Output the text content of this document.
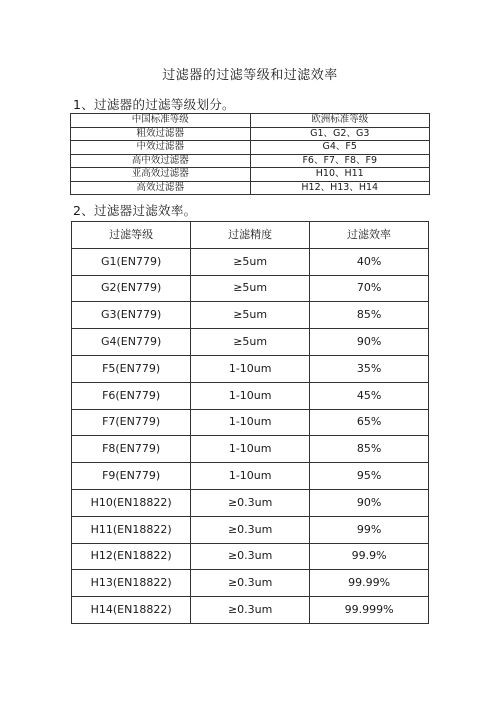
过滤器的过滤等级和过滤效率
1、过滤器的过滤等级划分。
中国标准等级	欧洲标准等级
粗效过滤器	G1、G2、G3
中效过滤器	G4、F5
高中效过滤器	F6、F7、F8、F9
亚高效过滤器	H10、H11
高效过滤器	H12、H13、H14
2、过滤器过滤效率。
过滤等级	过滤精度	过滤效率
G1(EN779)	≥5um	40%
G2(EN779)	≥5um	70%
G3(EN779)	≥5um	85%
G4(EN779)	≥5um	90%
F5(EN779)	1-10um	35%
F6(EN779)	1-10um	45%
F7(EN779)	1-10um	65%
F8(EN779)	1-10um	85%
F9(EN779)	1-10um	95%
H10(EN18822)	≥0.3um	90%
H11(EN18822)	≥0.3um	99%
H12(EN18822)	≥0.3um	99.9%
H13(EN18822)	≥0.3um	99.99%
H14(EN18822)	≥0.3um	99.999%
